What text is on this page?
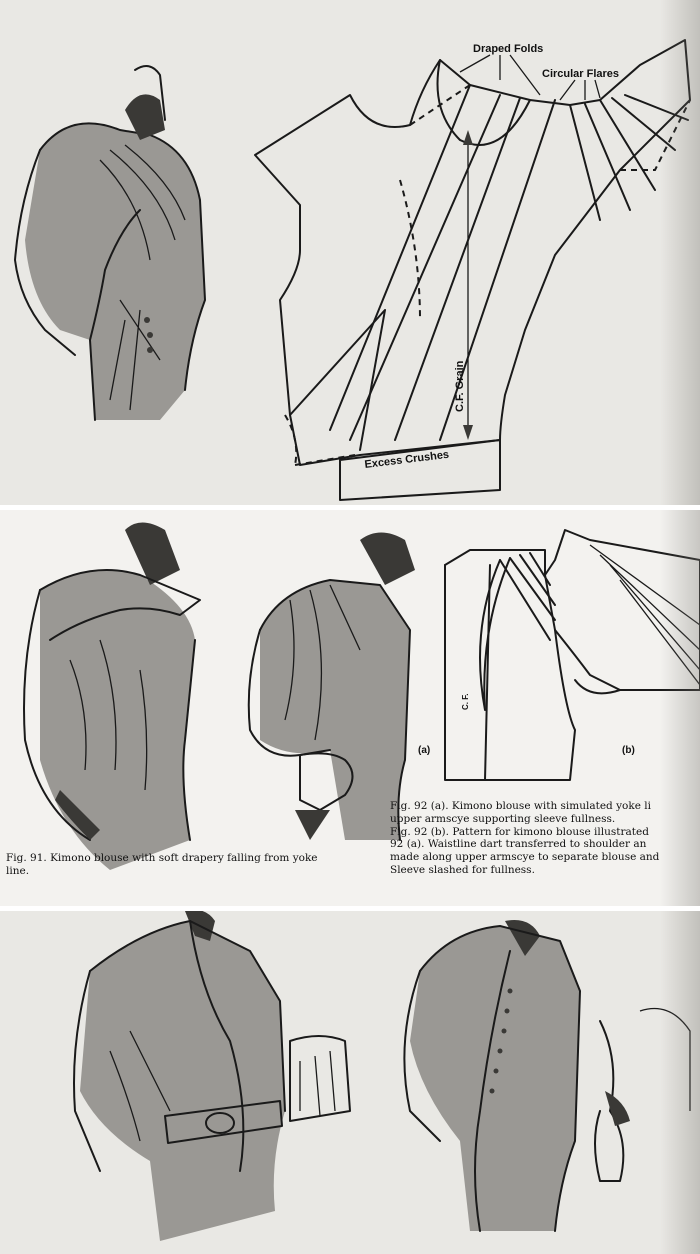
Draped Folds
Circular Flares
C.F. Grain
Excess Crushes
C. F.
(a)	(b)
Fig. 91. Kimono blouse with soft drapery falling from yoke
line.
Fig. 92 (a). Kimono blouse with simulated yoke li
upper armscye supporting sleeve fullness.
Fig. 92 (b). Pattern for kimono blouse illustrated
92 (a). Waistline dart transferred to shoulder an
made along upper armscye to separate blouse and
Sleeve slashed for fullness.
